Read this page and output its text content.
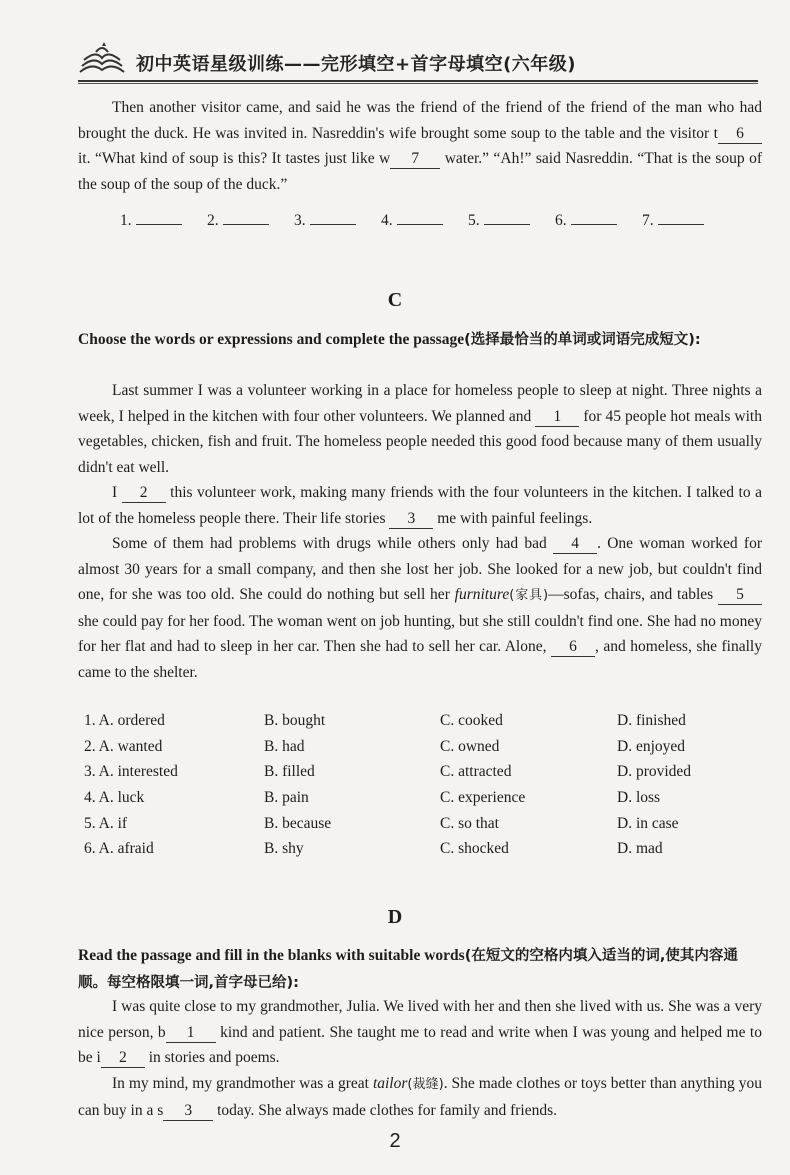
初中英语星级训练——完形填空+首字母填空(六年级)

Then another visitor came, and said he was the friend of the friend of the friend of the man who had brought the duck. He was invited in. Nasreddin's wife brought some soup to the table and the visitor t 6 it. “What kind of soup is this? It tastes just like w 7 water.” “Ah!” said Nasreddin. “That is the soup of the soup of the soup of the duck.”

1.	2.	3.	4.	5.	6.	7.
C

Choose the words or expressions and complete the passage(选择最恰当的单词或词语完成短文):

Last summer I was a volunteer working in a place for homeless people to sleep at night. Three nights a week, I helped in the kitchen with four other volunteers. We planned and 1 for 45 people hot meals with vegetables, chicken, fish and fruit. The homeless people needed this good food because many of them usually didn't eat well.

I 2 this volunteer work, making many friends with the four volunteers in the kitchen. I talked to a lot of the homeless people there. Their life stories 3 me with painful feelings.

Some of them had problems with drugs while others only had bad 4 . One woman worked for almost 30 years for a small company, and then she lost her job. She looked for a new job, but couldn't find one, for she was too old. She could do nothing but sell her furniture(家具)—sofas, chairs, and tables 5 she could pay for her food. The woman went on job hunting, but she still couldn't find one. She had no money for her flat and had to sleep in her car. Then she had to sell her car. Alone, 6 , and homeless, she finally came to the shelter.

1. A. ordered	B. bought	C. cooked	D. finished
2. A. wanted	B. had	C. owned	D. enjoyed
3. A. interested	B. filled	C. attracted	D. provided
4. A. luck	B. pain	C. experience	D. loss
5. A. if	B. because	C. so that	D. in case
6. A. afraid	B. shy	C. shocked	D. mad
D

Read the passage and fill in the blanks with suitable words(在短文的空格内填入适当的词,使其内容通顺。每空格限填一词,首字母已给):

I was quite close to my grandmother, Julia. We lived with her and then she lived with us. She was a very nice person, b 1 kind and patient. She taught me to read and write when I was young and helped me to be i 2 in stories and poems.

In my mind, my grandmother was a great tailor(裁缝). She made clothes or toys better than anything you can buy in a s 3 today. She always made clothes for family and friends.

2
